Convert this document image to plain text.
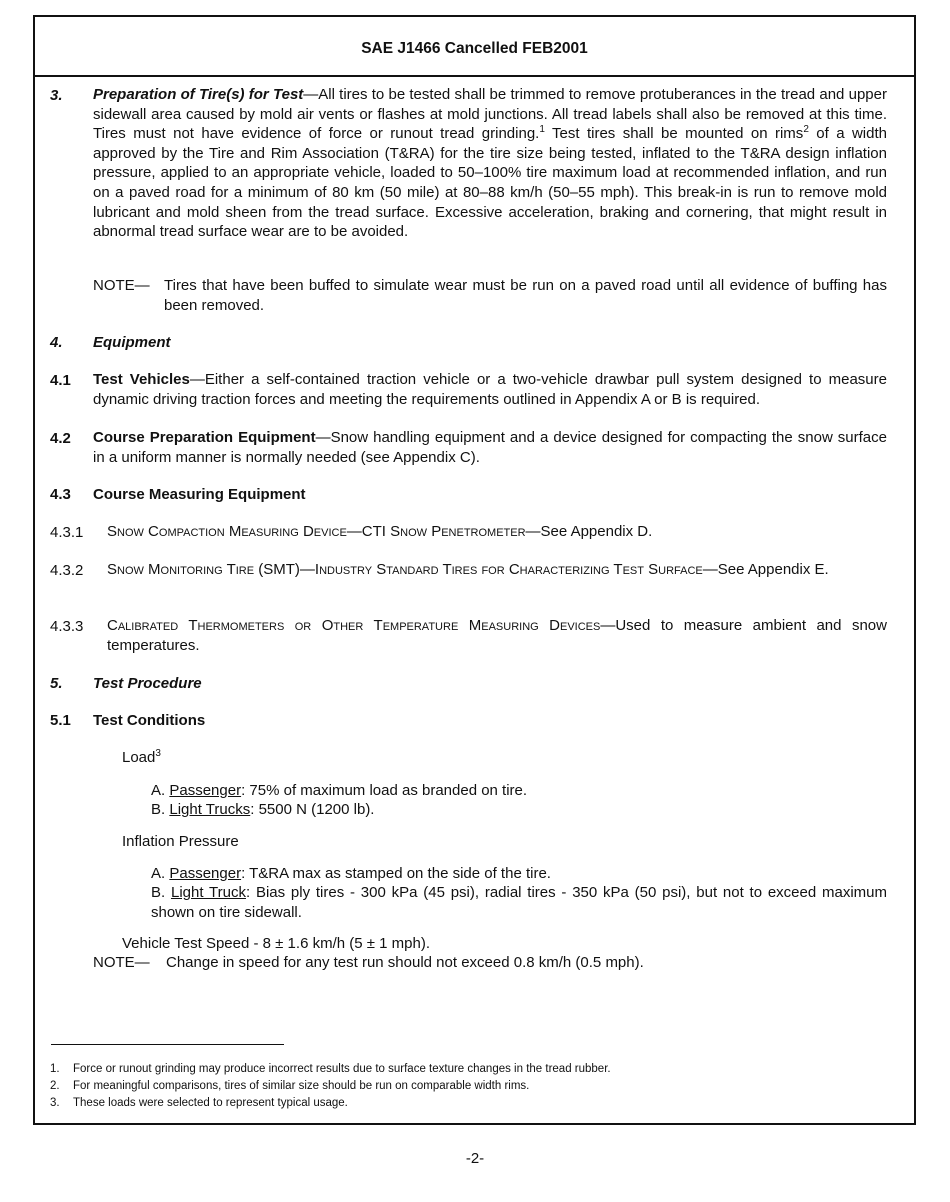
SAE J1466 Cancelled FEB2001
3. Preparation of Tire(s) for Test—All tires to be tested shall be trimmed to remove protuberances in the tread and upper sidewall area caused by mold air vents or flashes at mold junctions. All tread labels shall also be removed at this time. Tires must not have evidence of force or runout tread grinding.$^1$ Test tires shall be mounted on rims$^2$ of a width approved by the Tire and Rim Association (T&RA) for the tire size being tested, inflated to the T&RA design inflation pressure, applied to an appropriate vehicle, loaded to 50–100% tire maximum load at recommended inflation, and run on a paved road for a minimum of 80 km (50 mile) at 80–88 km/h (50–55 mph). This break-in is run to remove mold lubricant and mold sheen from the tread surface. Excessive acceleration, braking and cornering, that might result in abnormal tread surface wear are to be avoided.
NOTE— Tires that have been buffed to simulate wear must be run on a paved road until all evidence of buffing has been removed.
4. Equipment
4.1 Test Vehicles—Either a self-contained traction vehicle or a two-vehicle drawbar pull system designed to measure dynamic driving traction forces and meeting the requirements outlined in Appendix A or B is required.
4.2 Course Preparation Equipment—Snow handling equipment and a device designed for compacting the snow surface in a uniform manner is normally needed (see Appendix C).
4.3 Course Measuring Equipment
4.3.1 Snow Compaction Measuring Device—CTI Snow Penetrometer—See Appendix D.
4.3.2 Snow Monitoring Tire (SMT)—Industry Standard Tires for Characterizing Test Surface—See Appendix E.
4.3.3 Calibrated Thermometers or Other Temperature Measuring Devices—Used to measure ambient and snow temperatures.
5. Test Procedure
5.1 Test Conditions
Load$^3$
A. Passenger: 75% of maximum load as branded on tire.
B. Light Trucks: 5500 N (1200 lb).
Inflation Pressure
A. Passenger: T&RA max as stamped on the side of the tire.
B. Light Truck: Bias ply tires - 300 kPa (45 psi), radial tires - 350 kPa (50 psi), but not to exceed maximum shown on tire sidewall.
Vehicle Test Speed - 8 ± 1.6 km/h (5 ± 1 mph).
NOTE— Change in speed for any test run should not exceed 0.8 km/h (0.5 mph).
1. Force or runout grinding may produce incorrect results due to surface texture changes in the tread rubber.
2. For meaningful comparisons, tires of similar size should be run on comparable width rims.
3. These loads were selected to represent typical usage.
-2-
